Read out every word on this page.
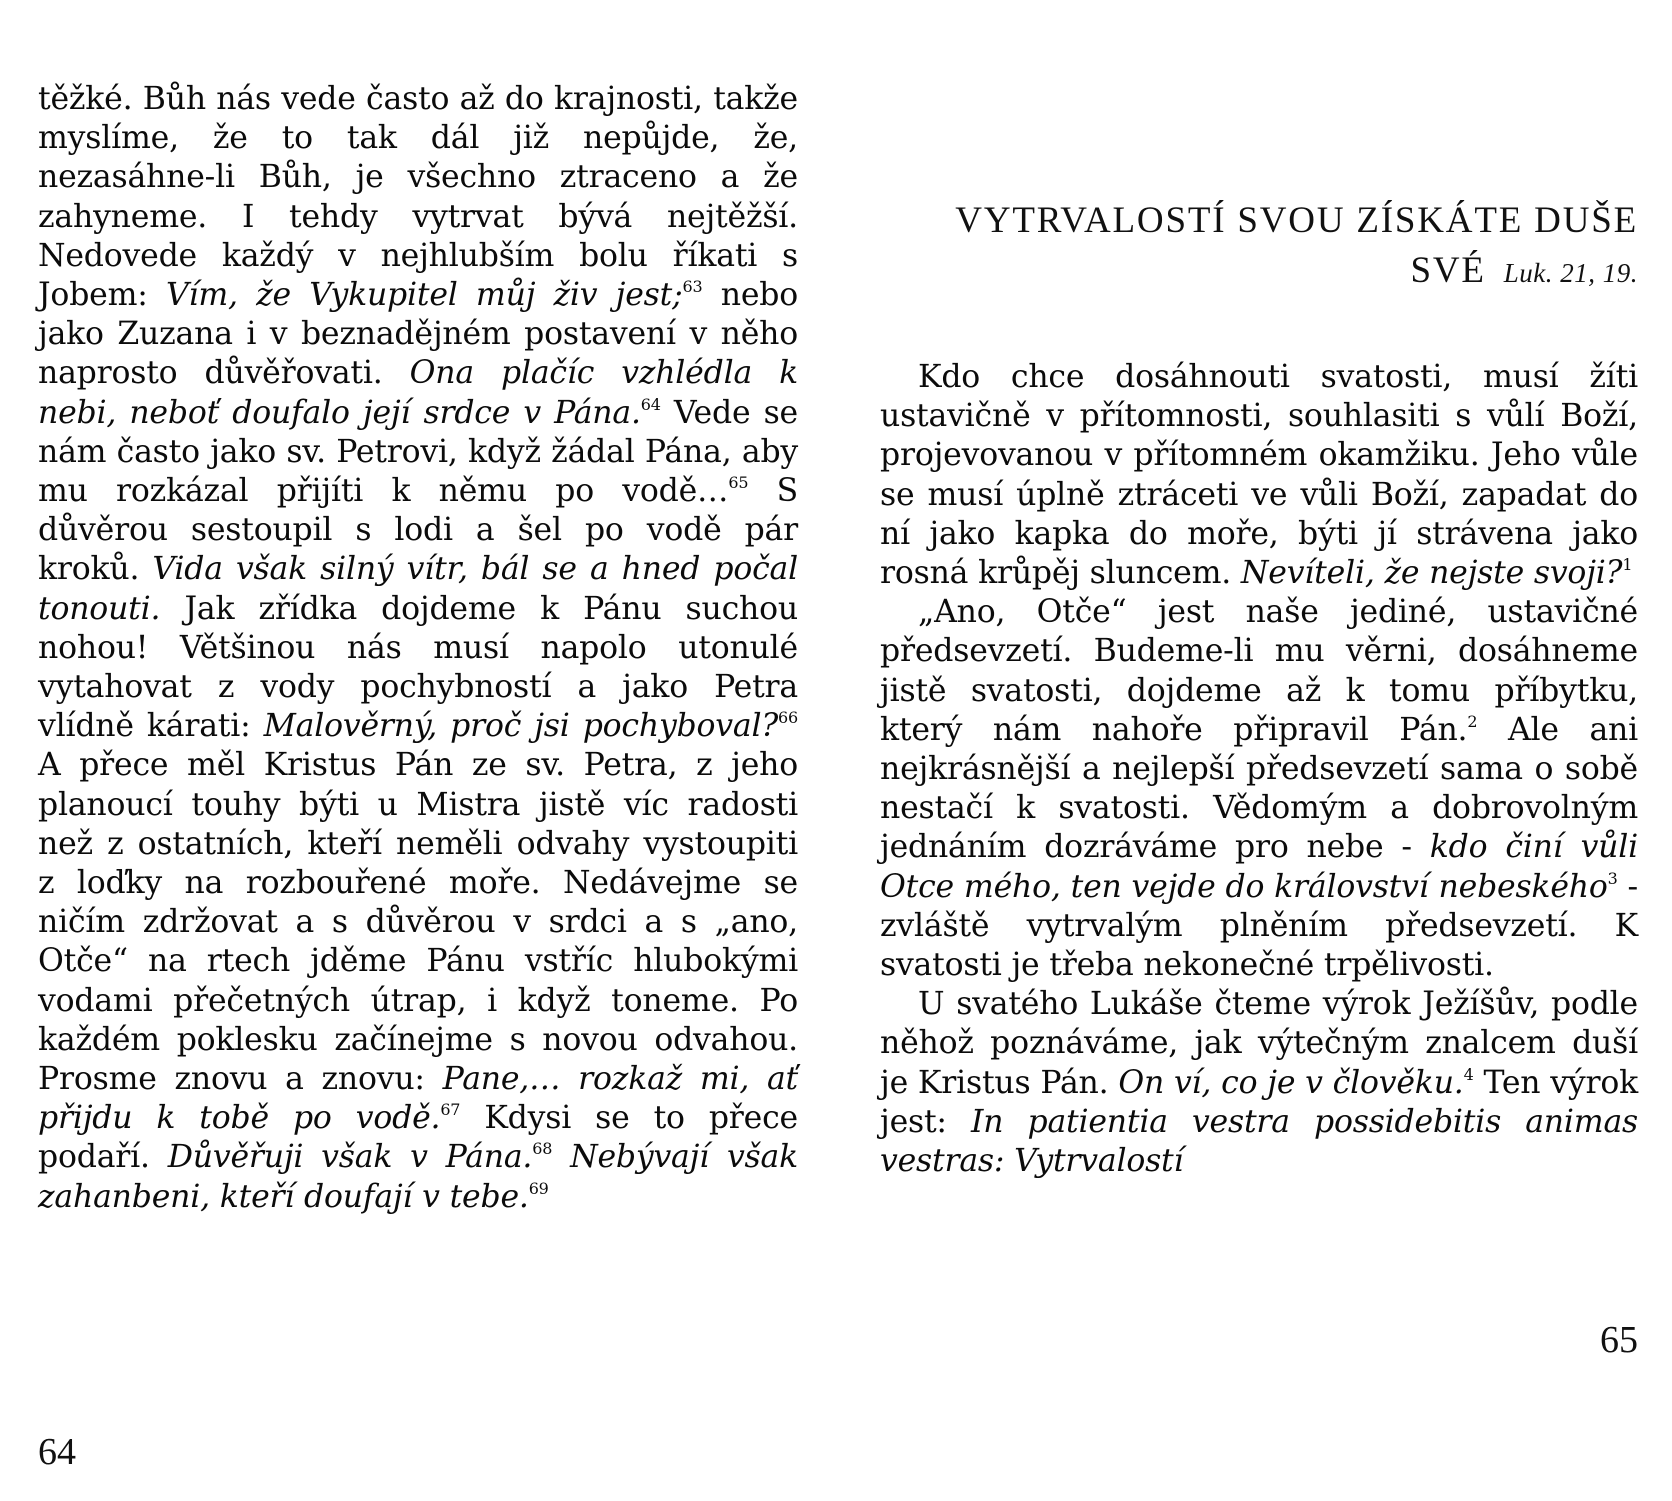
těžké. Bůh nás vede často až do krajnosti, takže myslíme, že to tak dál již nepůjde, že, nezasáhne-li Bůh, je všechno ztraceno a že zahyneme. I tehdy vytrvat bývá nejtěžší. Nedovede každý v nejhlubším bolu říkati s Jobem: Vím, že Vykupitel můj živ jest;$^{63}$ nebo jako Zuzana i v beznadějném postavení v něho naprosto důvěřovati. Ona plačíc vzhlédla k nebi, neboť doufalo její srdce v Pána.$^{64}$ Vede se nám často jako sv. Petrovi, když žádal Pána, aby mu rozkázal přijíti k němu po vodě…$^{65}$ S důvěrou sestoupil s lodi a šel po vodě pár kroků. Vida však silný vítr, bál se a hned počal tonouti. Jak zřídka dojdeme k Pánu suchou nohou! Většinou nás musí napolo utonulé vytahovat z vody pochybností a jako Petra vlídně kárati: Malověrný, proč jsi pochyboval?$^{66}$ A přece měl Kristus Pán ze sv. Petra, z jeho planoucí touhy býti u Mistra jistě víc radosti než z ostatních, kteří neměli odvahy vystoupiti z loďky na rozbouřené moře. Nedávejme se ničím zdržovat a s důvěrou v srdci a s „ano, Otče“ na rtech jděme Pánu vstříc hlubokými vodami přečetných útrap, i když toneme. Po každém poklesku začínejme s novou odvahou. Prosme znovu a znovu: Pane,… rozkaž mi, ať přijdu k tobě po vodě.$^{67}$ Kdysi se to přece podaří. Důvěřuji však v Pána.$^{68}$ Nebývají však zahanbeni, kteří doufají v tebe.$^{69}$

64
VYTRVALOSTÍ SVOU ZÍSKÁTE DUŠE SVÉ Luk. 21, 19.

Kdo chce dosáhnouti svatosti, musí žíti ustavičně v přítomnosti, souhlasiti s vůlí Boží, projevovanou v přítomném okamžiku. Jeho vůle se musí úplně ztráceti ve vůli Boží, zapadat do ní jako kapka do moře, býti jí strávena jako rosná krůpěj sluncem. Nevíteli, že nejste svoji?$^1$

„Ano, Otče“ jest naše jediné, ustavičné předsevzetí. Budeme-li mu věrni, dosáhneme jistě svatosti, dojdeme až k tomu příbytku, který nám nahoře připravil Pán.$^2$ Ale ani nejkrásnější a nejlepší předsevzetí sama o sobě nestačí k svatosti. Vědomým a dobrovolným jednáním dozráváme pro nebe - kdo činí vůli Otce mého, ten vejde do království nebeského$^3$ - zvláště vytrvalým plněním předsevzetí. K svatosti je třeba nekonečné trpělivosti.

U svatého Lukáše čteme výrok Ježíšův, podle něhož poznáváme, jak výtečným znalcem duší je Kristus Pán. On ví, co je v člověku.$^4$ Ten výrok jest: In patientia vestra possidebitis animas vestras: Vytrvalostí

65
